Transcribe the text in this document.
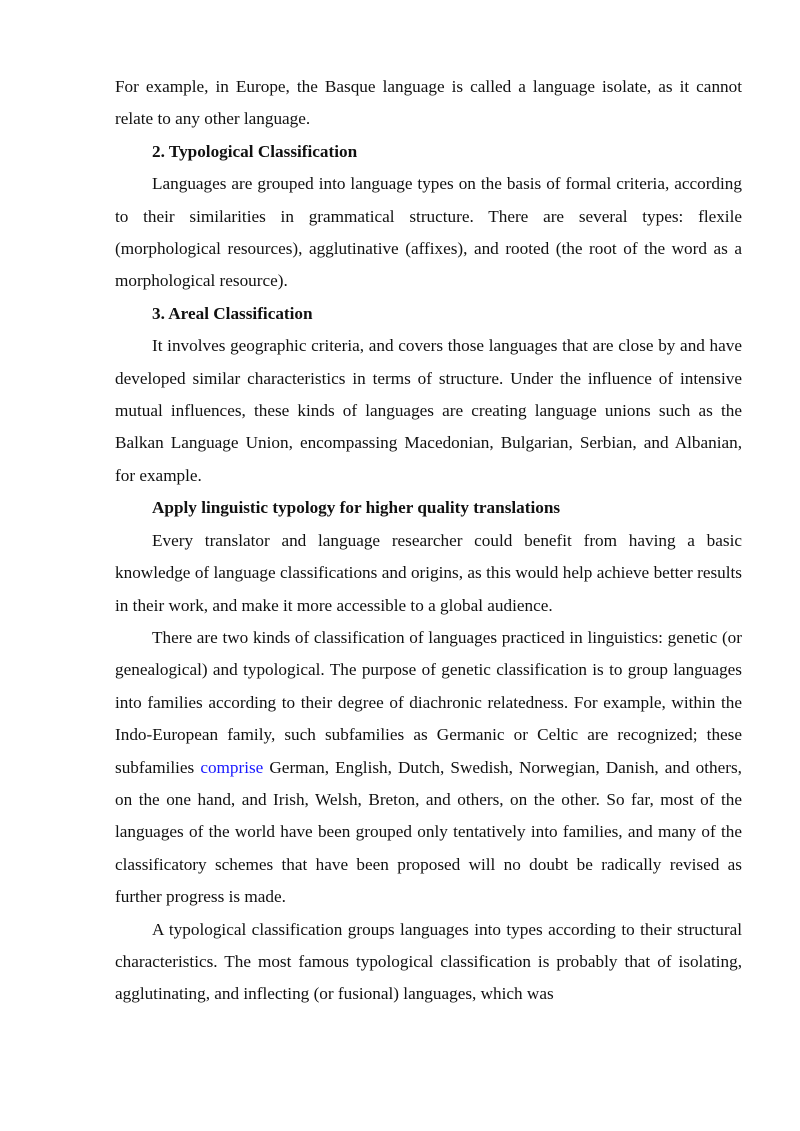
For example, in Europe, the Basque language is called a language isolate, as it cannot relate to any other language.

2. Typological Classification

Languages are grouped into language types on the basis of formal criteria, according to their similarities in grammatical structure. There are several types: flexile (morphological resources), agglutinative (affixes), and rooted (the root of the word as a morphological resource).

3. Areal Classification

It involves geographic criteria, and covers those languages that are close by and have developed similar characteristics in terms of structure. Under the influence of intensive mutual influences, these kinds of languages are creating language unions such as the Balkan Language Union, encompassing Macedonian, Bulgarian, Serbian, and Albanian, for example.

Apply linguistic typology for higher quality translations

Every translator and language researcher could benefit from having a basic knowledge of language classifications and origins, as this would help achieve better results in their work, and make it more accessible to a global audience.

There are two kinds of classification of languages practiced in linguistics: genetic (or genealogical) and typological. The purpose of genetic classification is to group languages into families according to their degree of diachronic relatedness. For example, within the Indo-European family, such subfamilies as Germanic or Celtic are recognized; these subfamilies comprise German, English, Dutch, Swedish, Norwegian, Danish, and others, on the one hand, and Irish, Welsh, Breton, and others, on the other. So far, most of the languages of the world have been grouped only tentatively into families, and many of the classificatory schemes that have been proposed will no doubt be radically revised as further progress is made.

A typological classification groups languages into types according to their structural characteristics. The most famous typological classification is probably that of isolating, agglutinating, and inflecting (or fusional) languages, which was
